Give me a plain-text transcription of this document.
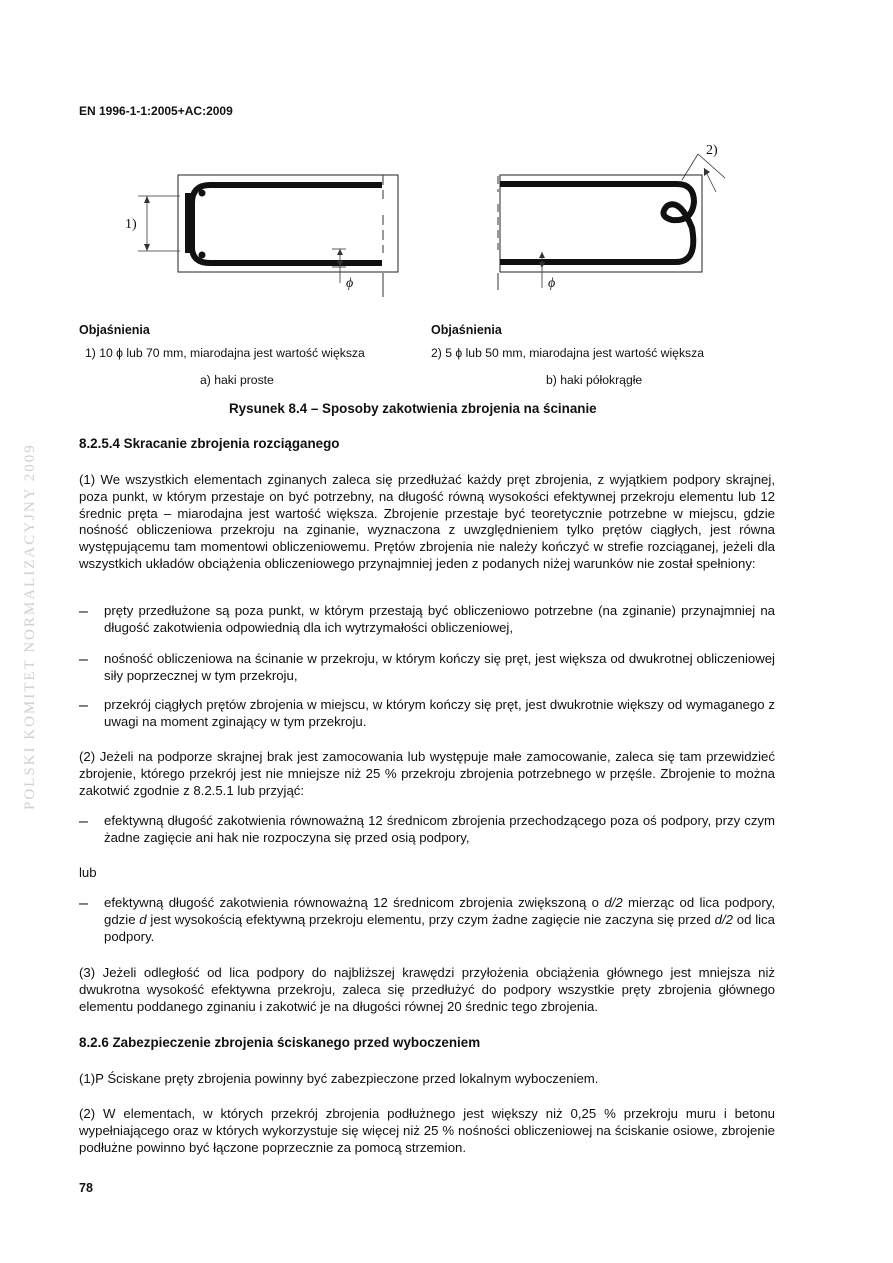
EN 1996-1-1:2005+AC:2009
1)
ϕ
2)
ϕ
Objaśnienia
1) 10 ϕ lub 70 mm, miarodajna jest wartość większa
Objaśnienia
2) 5 ϕ lub 50 mm, miarodajna jest wartość większa
a) haki proste	b) haki półokrągłe
Rysunek 8.4 – Sposoby zakotwienia zbrojenia na ścinanie
8.2.5.4 Skracanie zbrojenia rozciąganego
(1) We wszystkich elementach zginanych zaleca się przedłużać każdy pręt zbrojenia, z wyjątkiem podpory skrajnej, poza punkt, w którym przestaje on być potrzebny, na długość równą wysokości efektywnej przekroju elementu lub 12 średnic pręta – miarodajna jest wartość większa. Zbrojenie przestaje być teoretycznie potrzebne w miejscu, gdzie nośność obliczeniowa przekroju na zginanie, wyznaczona z uwzględnieniem tylko prętów ciągłych, jest równa występującemu tam momentowi obliczeniowemu. Prętów zbrojenia nie należy kończyć w strefie rozciąganej, jeżeli dla wszystkich układów obciążenia obliczeniowego przynajmniej jeden z podanych niżej warunków nie został spełniony:
– pręty przedłużone są poza punkt, w którym przestają być obliczeniowo potrzebne (na zginanie) przynajmniej na długość zakotwienia odpowiednią dla ich wytrzymałości obliczeniowej,
– nośność obliczeniowa na ścinanie w przekroju, w którym kończy się pręt, jest większa od dwukrotnej obliczeniowej siły poprzecznej w tym przekroju,
– przekrój ciągłych prętów zbrojenia w miejscu, w którym kończy się pręt, jest dwukrotnie większy od wymaganego z uwagi na moment zginający w tym przekroju.
(2) Jeżeli na podporze skrajnej brak jest zamocowania lub występuje małe zamocowanie, zaleca się tam przewidzieć zbrojenie, którego przekrój jest nie mniejsze niż 25 % przekroju zbrojenia potrzebnego w przęśle. Zbrojenie to można zakotwić zgodnie z 8.2.5.1 lub przyjąć:
– efektywną długość zakotwienia równoważną 12 średnicom zbrojenia przechodzącego poza oś podpory, przy czym żadne zagięcie ani hak nie rozpoczyna się przed osią podpory,
lub
– efektywną długość zakotwienia równoważną 12 średnicom zbrojenia zwiększoną o d/2 mierząc od lica podpory, gdzie d jest wysokością efektywną przekroju elementu, przy czym żadne zagięcie nie zaczyna się przed d/2 od lica podpory.
(3) Jeżeli odległość od lica podpory do najbliższej krawędzi przyłożenia obciążenia głównego jest mniejsza niż dwukrotna wysokość efektywna przekroju, zaleca się przedłużyć do podpory wszystkie pręty zbrojenia głównego elementu poddanego zginaniu i zakotwić je na długości równej 20 średnic tego zbrojenia.
8.2.6 Zabezpieczenie zbrojenia ściskanego przed wyboczeniem
(1)P Ściskane pręty zbrojenia powinny być zabezpieczone przed lokalnym wyboczeniem.
(2) W elementach, w których przekrój zbrojenia podłużnego jest większy niż 0,25 % przekroju muru i betonu wypełniającego oraz w których wykorzystuje się więcej niż 25 % nośności obliczeniowej na ściskanie osiowe, zbrojenie podłużne powinno być łączone poprzecznie za pomocą strzemion.
POLSKI KOMITET NORMALIZACYJNY 2009
78
